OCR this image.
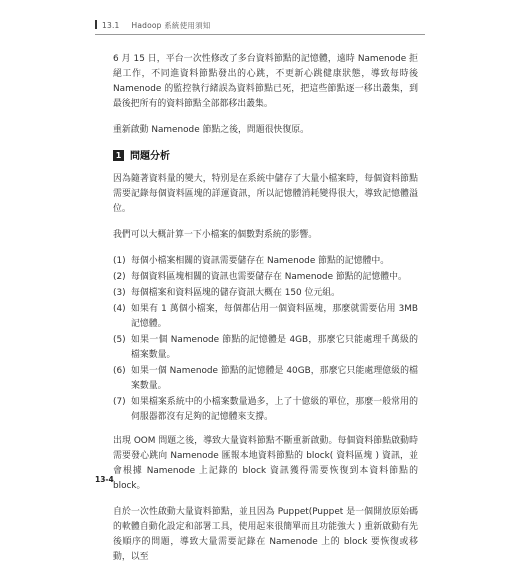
13.1 Hadoop 系統使用須知

6 月 15 日，平台一次性修改了多台資料節點的記憶體，遠時 Namenode 拒絕工作，不同進資料節點發出的心跳，不更新心跳健康狀態，導致每時後 Namenode 的監控執行緒誤為資料節點已死，把這些節點逐一移出叢集，到最後把所有的資料節點全部都移出叢集。

重新啟動 Namenode 節點之後，問題很快復原。

1 問題分析

因為隨著資料量的變大，特別是在系統中儲存了大量小檔案時，每個資料節點需要記錄每個資料區塊的詳運資訊，所以記憶體消耗變得很大，導致記憶體溢位。

我們可以大概計算一下小檔案的個數對系統的影響。

(1) 每個小檔案相關的資訊需要儲存在 Namenode 節點的記憶體中。
(2) 每個資料區塊相關的資訊也需要儲存在 Namenode 節點的記憶體中。
(3) 每個檔案和資料區塊的儲存資訊大概在 150 位元組。
(4) 如果有 1 萬個小檔案，每個都佔用一個資料區塊，那麼就需要佔用 3MB 記憶體。
(5) 如果一個 Namenode 節點的記憶體是 4GB，那麼它只能處理千萬級的檔案數量。
(6) 如果一個 Namenode 節點的記憶體是 40GB，那麼它只能處理億級的檔案數量。
(7) 如果檔案系統中的小檔案數量過多，上了十億級的單位，那麼一般常用的伺服器都沒有足夠的記憶體來支撐。

出現 OOM 問題之後，導致大量資料節點不斷重新啟動。每個資料節點啟動時需要發心跳向 Namenode 匯報本地資料節點的 block( 資料區塊 ) 資訊，並會根據 Namenode 上記錄的 block 資訊獲得需要恢復到本資料節點的 block。

自於一次性啟動大量資料節點，並且因為 Puppet(Puppet 是一個開放原始碼的軟體自動化設定和部署工具，使用起來很簡單而且功能強大 ) 重新啟動有先後順序的問題，導致大量需要記錄在 Namenode 上的 block 要恢復或移動，以至

13-4
